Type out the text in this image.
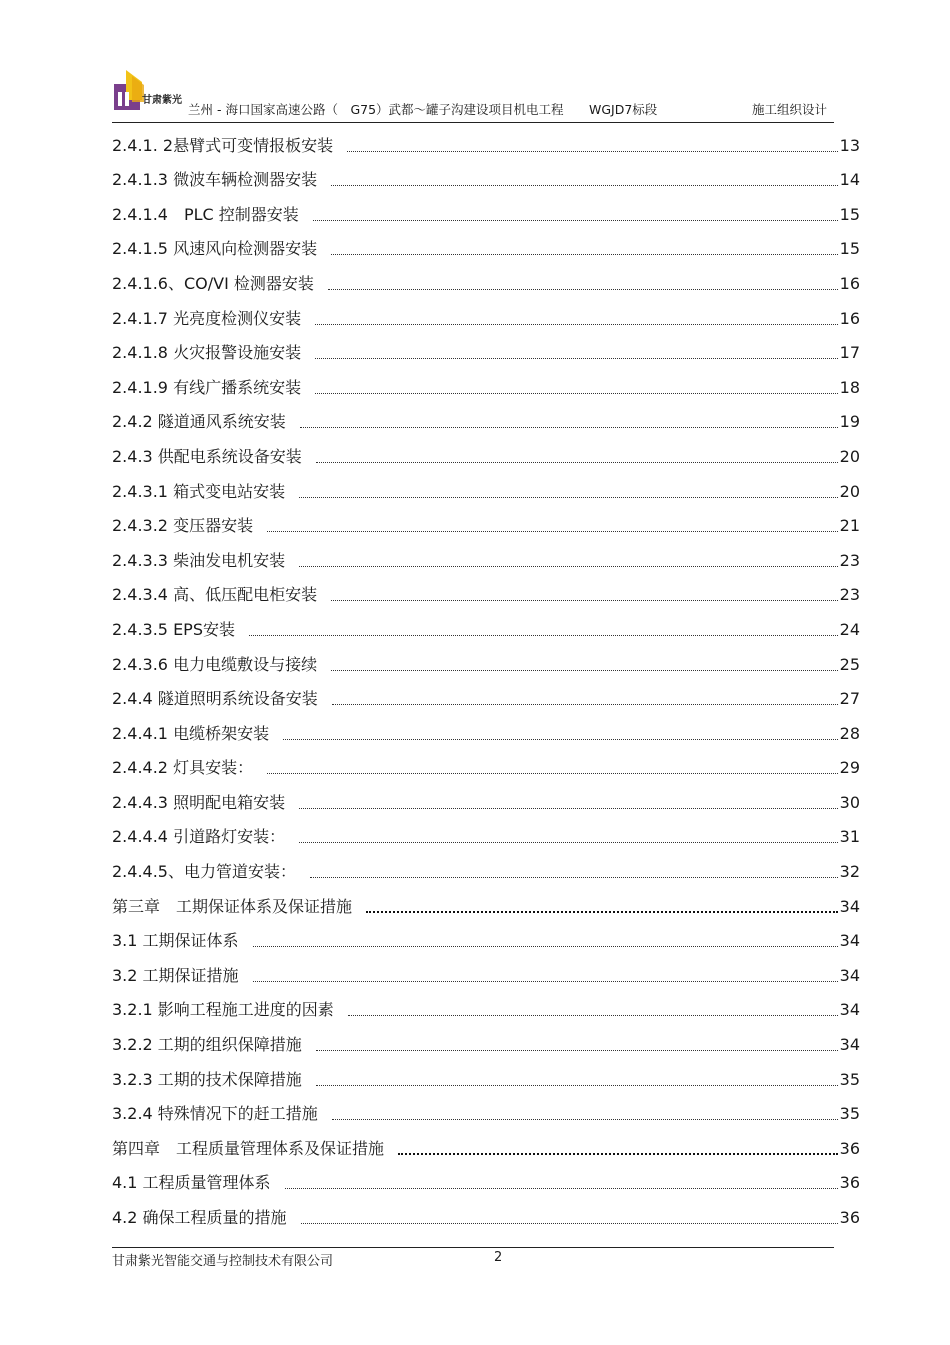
甘肃紫光
兰州 - 海口国家高速公路（　G75）武都～罐子沟建设项目机电工程 WGJD7标段	施工组织设计
2.4.1. 2悬臂式可变情报板安装	13
2.4.1.3 微波车辆检测器安装	14
2.4.1.4　PLC 控制器安装	15
2.4.1.5 风速风向检测器安装	15
2.4.1.6、CO/VI 检测器安装	16
2.4.1.7 光亮度检测仪安装	16
2.4.1.8 火灾报警设施安装	17
2.4.1.9 有线广播系统安装	18
2.4.2 隧道通风系统安装	19
2.4.3 供配电系统设备安装	20
2.4.3.1 箱式变电站安装	20
2.4.3.2 变压器安装	21
2.4.3.3 柴油发电机安装	23
2.4.3.4 高、低压配电柜安装	23
2.4.3.5 EPS安装	24
2.4.3.6 电力电缆敷设与接续	25
2.4.4 隧道照明系统设备安装	27
2.4.4.1 电缆桥架安装	28
2.4.4.2 灯具安装：	29
2.4.4.3 照明配电箱安装	30
2.4.4.4 引道路灯安装：	31
2.4.4.5、电力管道安装：	32
第三章　工期保证体系及保证措施	34
3.1 工期保证体系	34
3.2 工期保证措施	34
3.2.1 影响工程施工进度的因素	34
3.2.2 工期的组织保障措施	34
3.2.3 工期的技术保障措施	35
3.2.4 特殊情况下的赶工措施	35
第四章　工程质量管理体系及保证措施	36
4.1 工程质量管理体系	36
4.2 确保工程质量的措施	36
甘肃紫光智能交通与控制技术有限公司	2
